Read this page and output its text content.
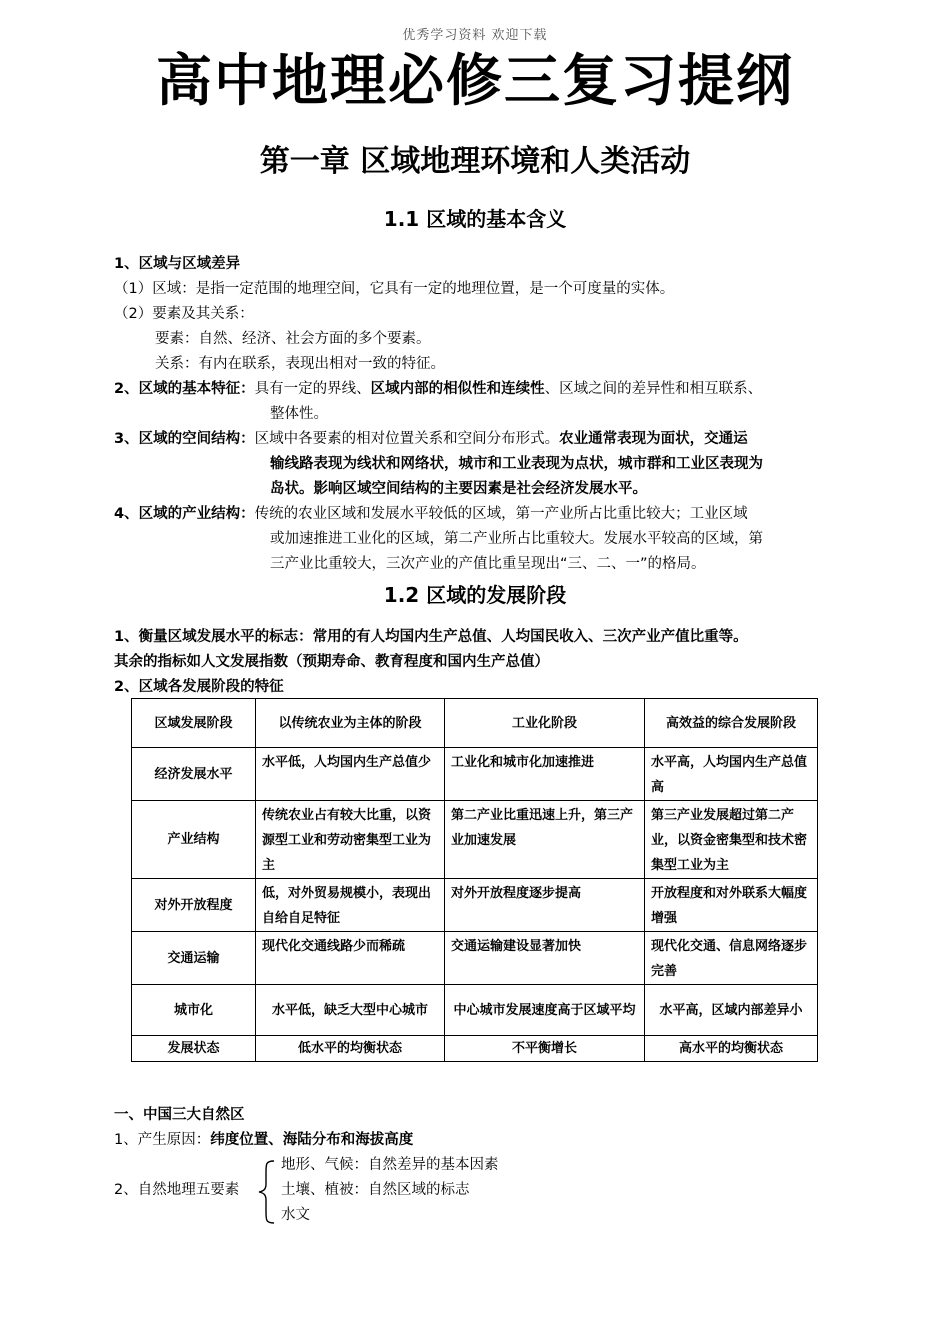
优秀学习资料 欢迎下载
高中地理必修三复习提纲
第一章 区域地理环境和人类活动
1.1 区域的基本含义
1、区域与区域差异
（1）区域：是指一定范围的地理空间，它具有一定的地理位置，是一个可度量的实体。
（2）要素及其关系：
要素：自然、经济、社会方面的多个要素。
关系：有内在联系，表现出相对一致的特征。
2、区域的基本特征：具有一定的界线、区域内部的相似性和连续性、区域之间的差异性和相互联系、
整体性。
3、区域的空间结构：区域中各要素的相对位置关系和空间分布形式。农业通常表现为面状，交通运
输线路表现为线状和网络状，城市和工业表现为点状，城市群和工业区表现为
岛状。影响区域空间结构的主要因素是社会经济发展水平。
4、区域的产业结构：传统的农业区域和发展水平较低的区域，第一产业所占比重比较大；工业区域
或加速推进工业化的区域，第二产业所占比重较大。发展水平较高的区域，第
三产业比重较大，三次产业的产值比重呈现出“三、二、一”的格局。
1.2 区域的发展阶段
1、衡量区域发展水平的标志：常用的有人均国内生产总值、人均国民收入、三次产业产值比重等。
其余的指标如人文发展指数（预期寿命、教育程度和国内生产总值）
2、区域各发展阶段的特征
区域发展阶段	以传统农业为主体的阶段	工业化阶段	高效益的综合发展阶段
经济发展水平	水平低，人均国内生产总值少	工业化和城市化加速推进	水平高，人均国内生产总值高
产业结构	传统农业占有较大比重，以资源型工业和劳动密集型工业为主	第二产业比重迅速上升，第三产业加速发展	第三产业发展超过第二产业，以资金密集型和技术密集型工业为主
对外开放程度	低，对外贸易规模小，表现出自给自足特征	对外开放程度逐步提高	开放程度和对外联系大幅度增强
交通运输	现代化交通线路少而稀疏	交通运输建设显著加快	现代化交通、信息网络逐步完善
城市化	水平低，缺乏大型中心城市	中心城市发展速度高于区域平均	水平高，区域内部差异小
发展状态	低水平的均衡状态	不平衡增长	高水平的均衡状态
一、中国三大自然区
1、产生原因：纬度位置、海陆分布和海拔高度
2、自然地理五要素
地形、气候：自然差异的基本因素
土壤、植被：自然区域的标志
水文
